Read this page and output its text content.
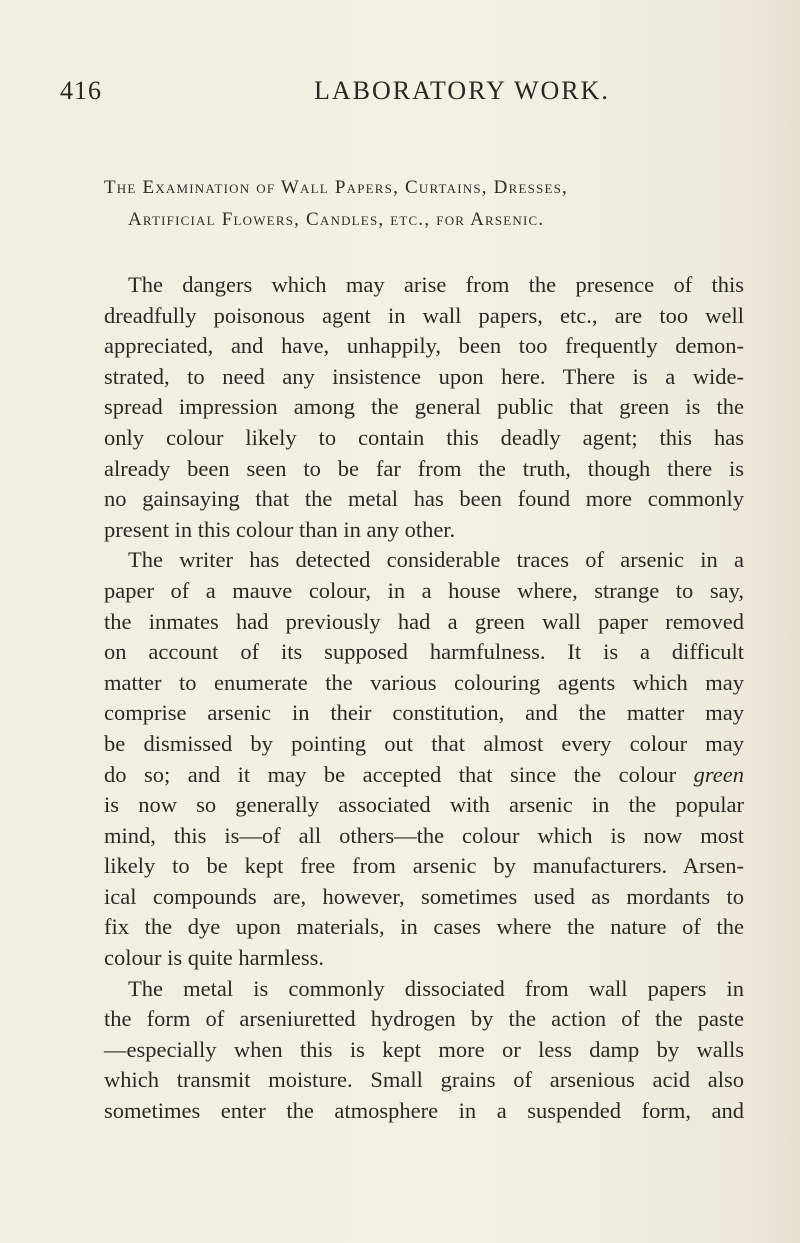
416	LABORATORY WORK.
The Examination of Wall Papers, Curtains, Dresses,
Artificial Flowers, Candles, etc., for Arsenic.
The dangers which may arise from the presence of this
dreadfully poisonous agent in wall papers, etc., are too well
appreciated, and have, unhappily, been too frequently demon-
strated, to need any insistence upon here. There is a wide-
spread impression among the general public that green is the
only colour likely to contain this deadly agent; this has
already been seen to be far from the truth, though there is
no gainsaying that the metal has been found more commonly
present in this colour than in any other.
The writer has detected considerable traces of arsenic in a
paper of a mauve colour, in a house where, strange to say,
the inmates had previously had a green wall paper removed
on account of its supposed harmfulness. It is a difficult
matter to enumerate the various colouring agents which may
comprise arsenic in their constitution, and the matter may
be dismissed by pointing out that almost every colour may
do so; and it may be accepted that since the colour green
is now so generally associated with arsenic in the popular
mind, this is—of all others—the colour which is now most
likely to be kept free from arsenic by manufacturers. Arsen-
ical compounds are, however, sometimes used as mordants to
fix the dye upon materials, in cases where the nature of the
colour is quite harmless.
The metal is commonly dissociated from wall papers in
the form of arseniuretted hydrogen by the action of the paste
—especially when this is kept more or less damp by walls
which transmit moisture. Small grains of arsenious acid also
sometimes enter the atmosphere in a suspended form, and
